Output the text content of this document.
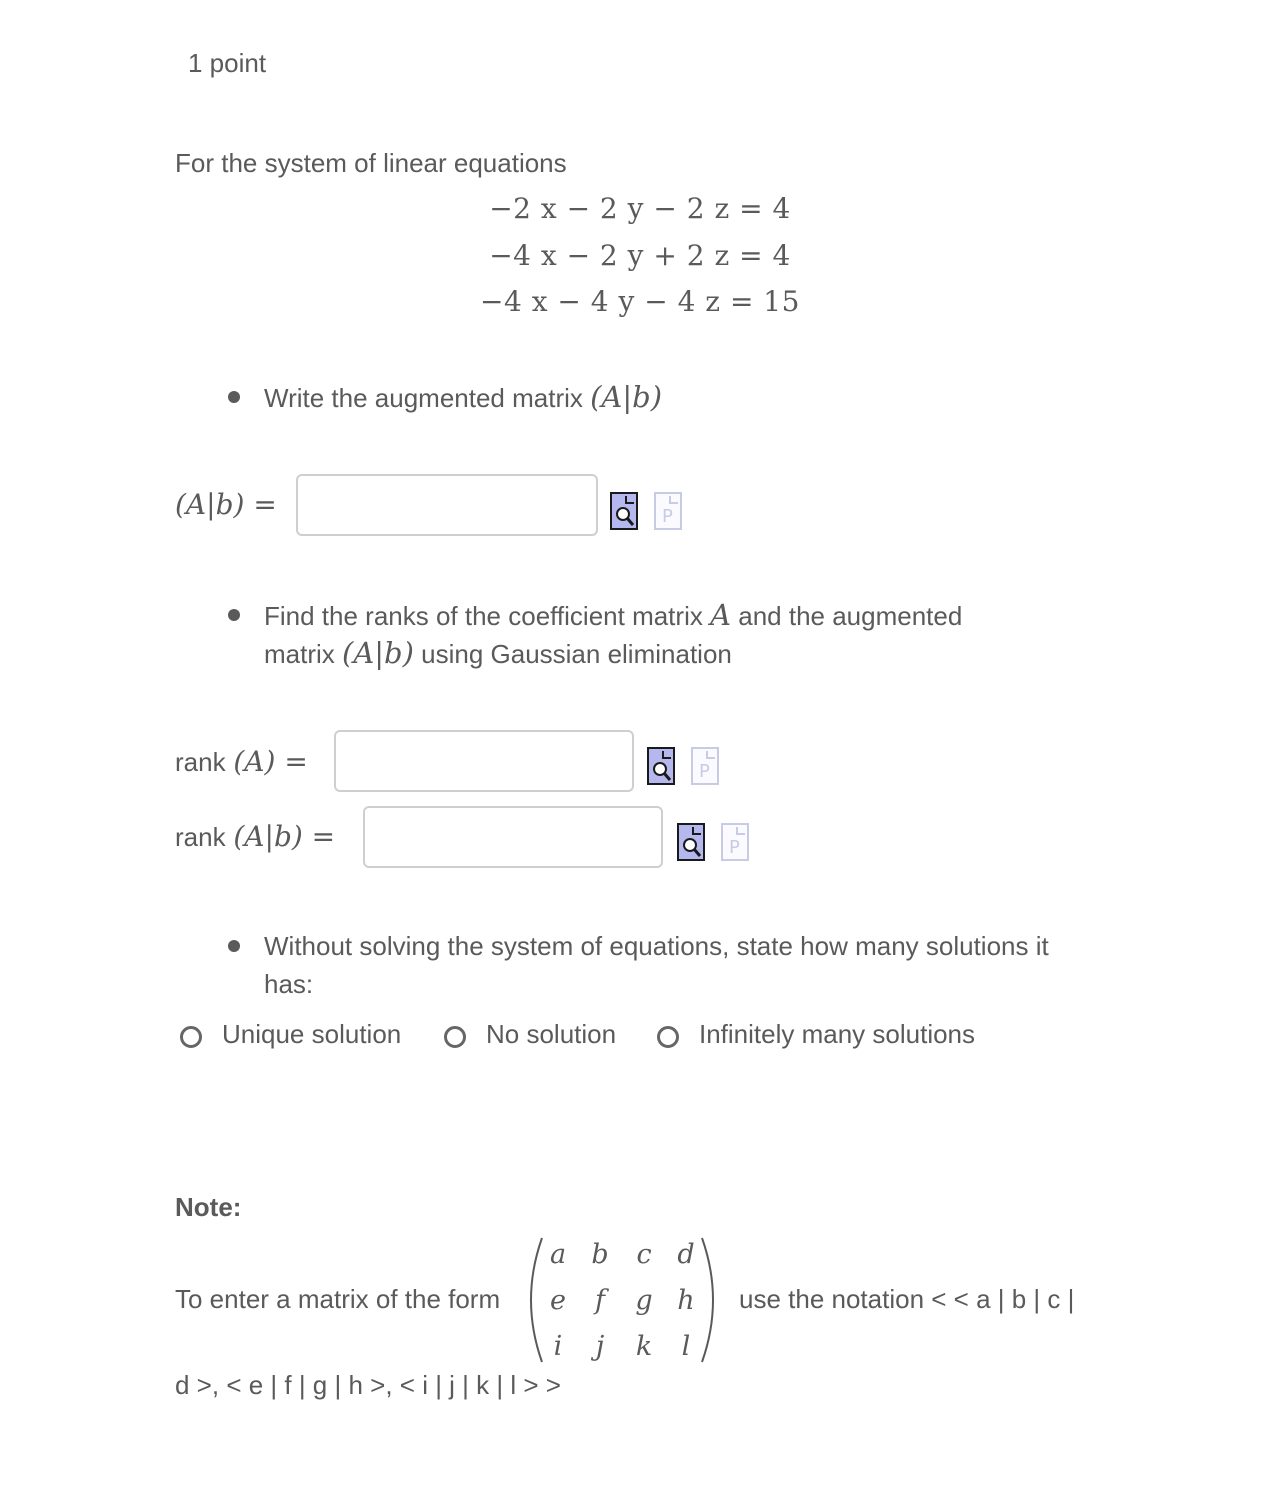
1 point
For the system of linear equations
−2 x − 2 y − 2 z = 4
−4 x − 2 y + 2 z = 4
−4 x − 4 y − 4 z = 15
Write the augmented matrix (A|b)
(A|b) =	P
Find the ranks of the coefficient matrix A and the augmented
matrix (A|b) using Gaussian elimination
rank (A) =	P
rank (A|b) =	P
Without solving the system of equations, state how many solutions it
has:
Unique solution	No solution	Infinitely many solutions
Note:
To enter a matrix of the form
a b	c d
e	f	g h
i	j	k	l
use the notation < < a | b | c |
d >, < e | f | g | h >, < i | j | k | l > >
